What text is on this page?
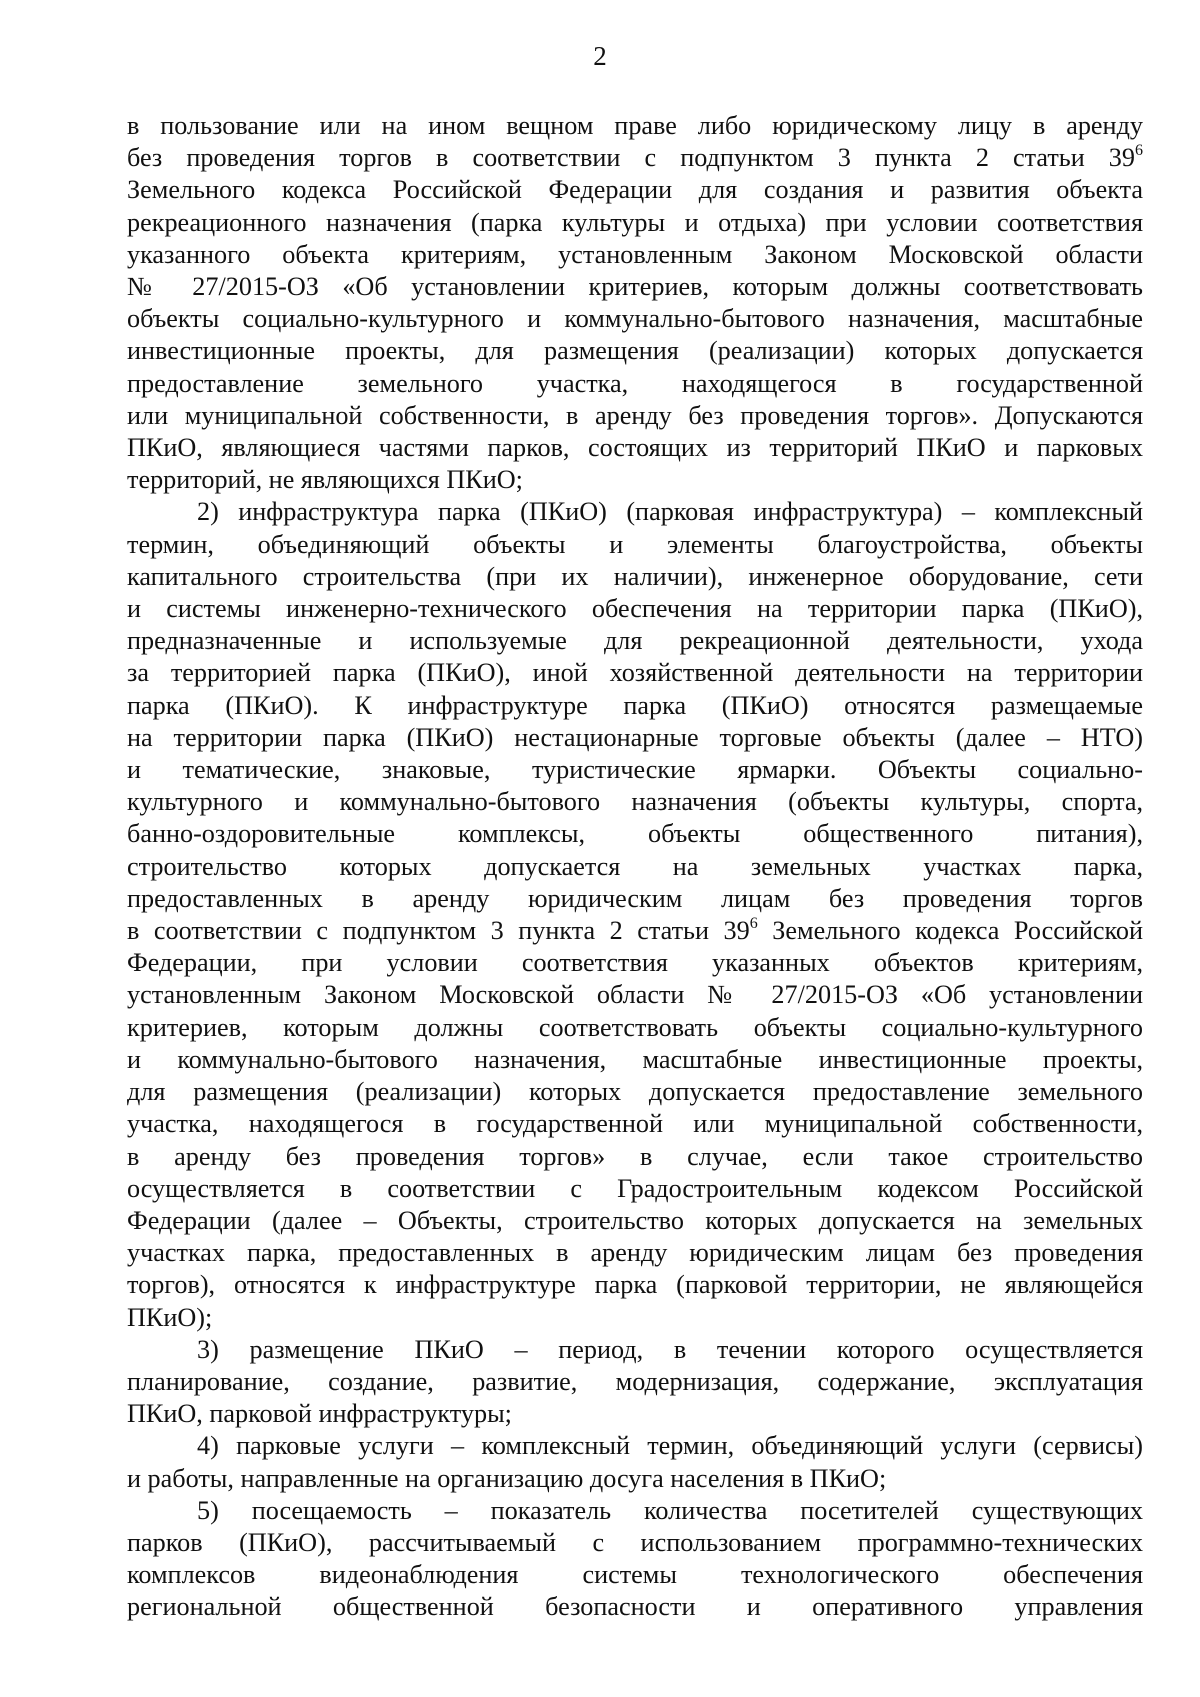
2
в пользование или на ином вещном праве либо юридическому лицу в аренду
без проведения торгов в соответствии с подпунктом 3 пункта 2 статьи $39^6$
Земельного кодекса Российской Федерации для создания и развития объекта
рекреационного назначения (парка культуры и отдыха) при условии соответствия
указанного объекта критериям, установленным Законом Московской области
№ 27/2015-ОЗ «Об установлении критериев, которым должны соответствовать
объекты социально-культурного и коммунально-бытового назначения, масштабные
инвестиционные проекты, для размещения (реализации) которых допускается
предоставление земельного участка, находящегося в государственной
или муниципальной собственности, в аренду без проведения торгов». Допускаются
ПКиО, являющиеся частями парков, состоящих из территорий ПКиО и парковых
территорий, не являющихся ПКиО;
2) инфраструктура парка (ПКиО) (парковая инфраструктура) – комплексный
термин, объединяющий объекты и элементы благоустройства, объекты
капитального строительства (при их наличии), инженерное оборудование, сети
и системы инженерно-технического обеспечения на территории парка (ПКиО),
предназначенные и используемые для рекреационной деятельности, ухода
за территорией парка (ПКиО), иной хозяйственной деятельности на территории
парка (ПКиО). К инфраструктуре парка (ПКиО) относятся размещаемые
на территории парка (ПКиО) нестационарные торговые объекты (далее – НТО)
и тематические, знаковые, туристические ярмарки. Объекты социально-
культурного и коммунально-бытового назначения (объекты культуры, спорта,
банно-оздоровительные комплексы, объекты общественного питания),
строительство которых допускается на земельных участках парка,
предоставленных в аренду юридическим лицам без проведения торгов
в соответствии с подпунктом 3 пункта 2 статьи $39^6$ Земельного кодекса Российской
Федерации, при условии соответствия указанных объектов критериям,
установленным Законом Московской области № 27/2015-ОЗ «Об установлении
критериев, которым должны соответствовать объекты социально-культурного
и коммунально-бытового назначения, масштабные инвестиционные проекты,
для размещения (реализации) которых допускается предоставление земельного
участка, находящегося в государственной или муниципальной собственности,
в аренду без проведения торгов» в случае, если такое строительство
осуществляется в соответствии с Градостроительным кодексом Российской
Федерации (далее – Объекты, строительство которых допускается на земельных
участках парка, предоставленных в аренду юридическим лицам без проведения
торгов), относятся к инфраструктуре парка (парковой территории, не являющейся
ПКиО);
3) размещение ПКиО – период, в течении которого осуществляется
планирование, создание, развитие, модернизация, содержание, эксплуатация
ПКиО, парковой инфраструктуры;
4) парковые услуги – комплексный термин, объединяющий услуги (сервисы)
и работы, направленные на организацию досуга населения в ПКиО;
5) посещаемость – показатель количества посетителей существующих
парков (ПКиО), рассчитываемый с использованием программно-технических
комплексов видеонаблюдения системы технологического обеспечения
региональной общественной безопасности и оперативного управления
